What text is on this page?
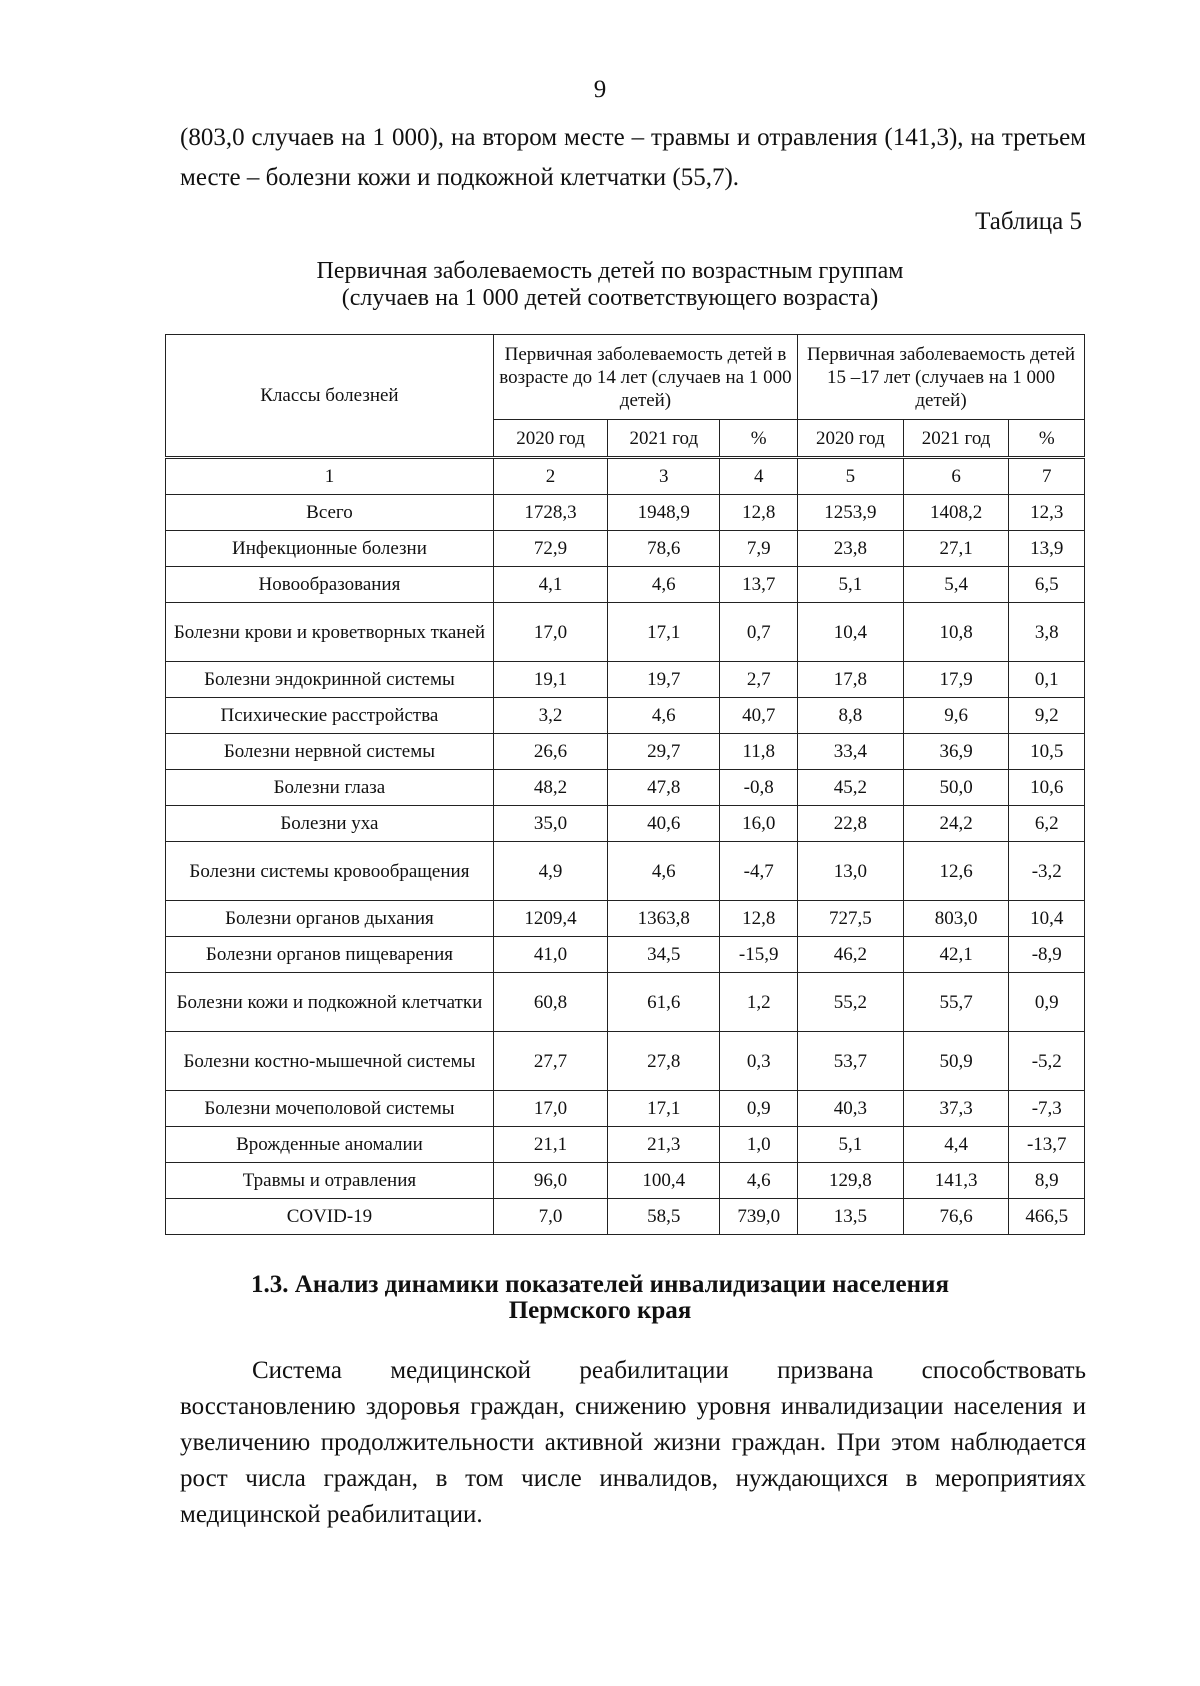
9

(803,0 случаев на 1 000), на втором месте – травмы и отравления (141,3), на третьем месте – болезни кожи и подкожной клетчатки (55,7).

Таблица 5
Первичная заболеваемость детей по возрастным группам
(случаев на 1 000 детей соответствующего возраста)
Классы болезней	Первичная заболеваемость детей в возрасте до 14 лет (случаев на 1 000 детей)			Первичная заболеваемость детей 15 –17 лет (случаев на 1 000 детей)		
	2020 год	2021 год	%	2020 год	2021 год	%
1	2	3	4	5	6	7
Всего	1728,3	1948,9	12,8	1253,9	1408,2	12,3
Инфекционные болезни	72,9	78,6	7,9	23,8	27,1	13,9
Новообразования	4,1	4,6	13,7	5,1	5,4	6,5
Болезни крови и кроветворных тканей	17,0	17,1	0,7	10,4	10,8	3,8
Болезни эндокринной системы	19,1	19,7	2,7	17,8	17,9	0,1
Психические расстройства	3,2	4,6	40,7	8,8	9,6	9,2
Болезни нервной системы	26,6	29,7	11,8	33,4	36,9	10,5
Болезни глаза	48,2	47,8	-0,8	45,2	50,0	10,6
Болезни уха	35,0	40,6	16,0	22,8	24,2	6,2
Болезни системы кровообращения	4,9	4,6	-4,7	13,0	12,6	-3,2
Болезни органов дыхания	1209,4	1363,8	12,8	727,5	803,0	10,4
Болезни органов пищеварения	41,0	34,5	-15,9	46,2	42,1	-8,9
Болезни кожи и подкожной клетчатки	60,8	61,6	1,2	55,2	55,7	0,9
Болезни костно-мышечной системы	27,7	27,8	0,3	53,7	50,9	-5,2
Болезни мочеполовой системы	17,0	17,1	0,9	40,3	37,3	-7,3
Врожденные аномалии	21,1	21,3	1,0	5,1	4,4	-13,7
Травмы и отравления	96,0	100,4	4,6	129,8	141,3	8,9
COVID-19	7,0	58,5	739,0	13,5	76,6	466,5
1.3. Анализ динамики показателей инвалидизации населения
Пермского края

Система медицинской реабилитации призвана способствовать восстановлению здоровья граждан, снижению уровня инвалидизации населения и увеличению продолжительности активной жизни граждан. При этом наблюдается рост числа граждан, в том числе инвалидов, нуждающихся в мероприятиях медицинской реабилитации.
